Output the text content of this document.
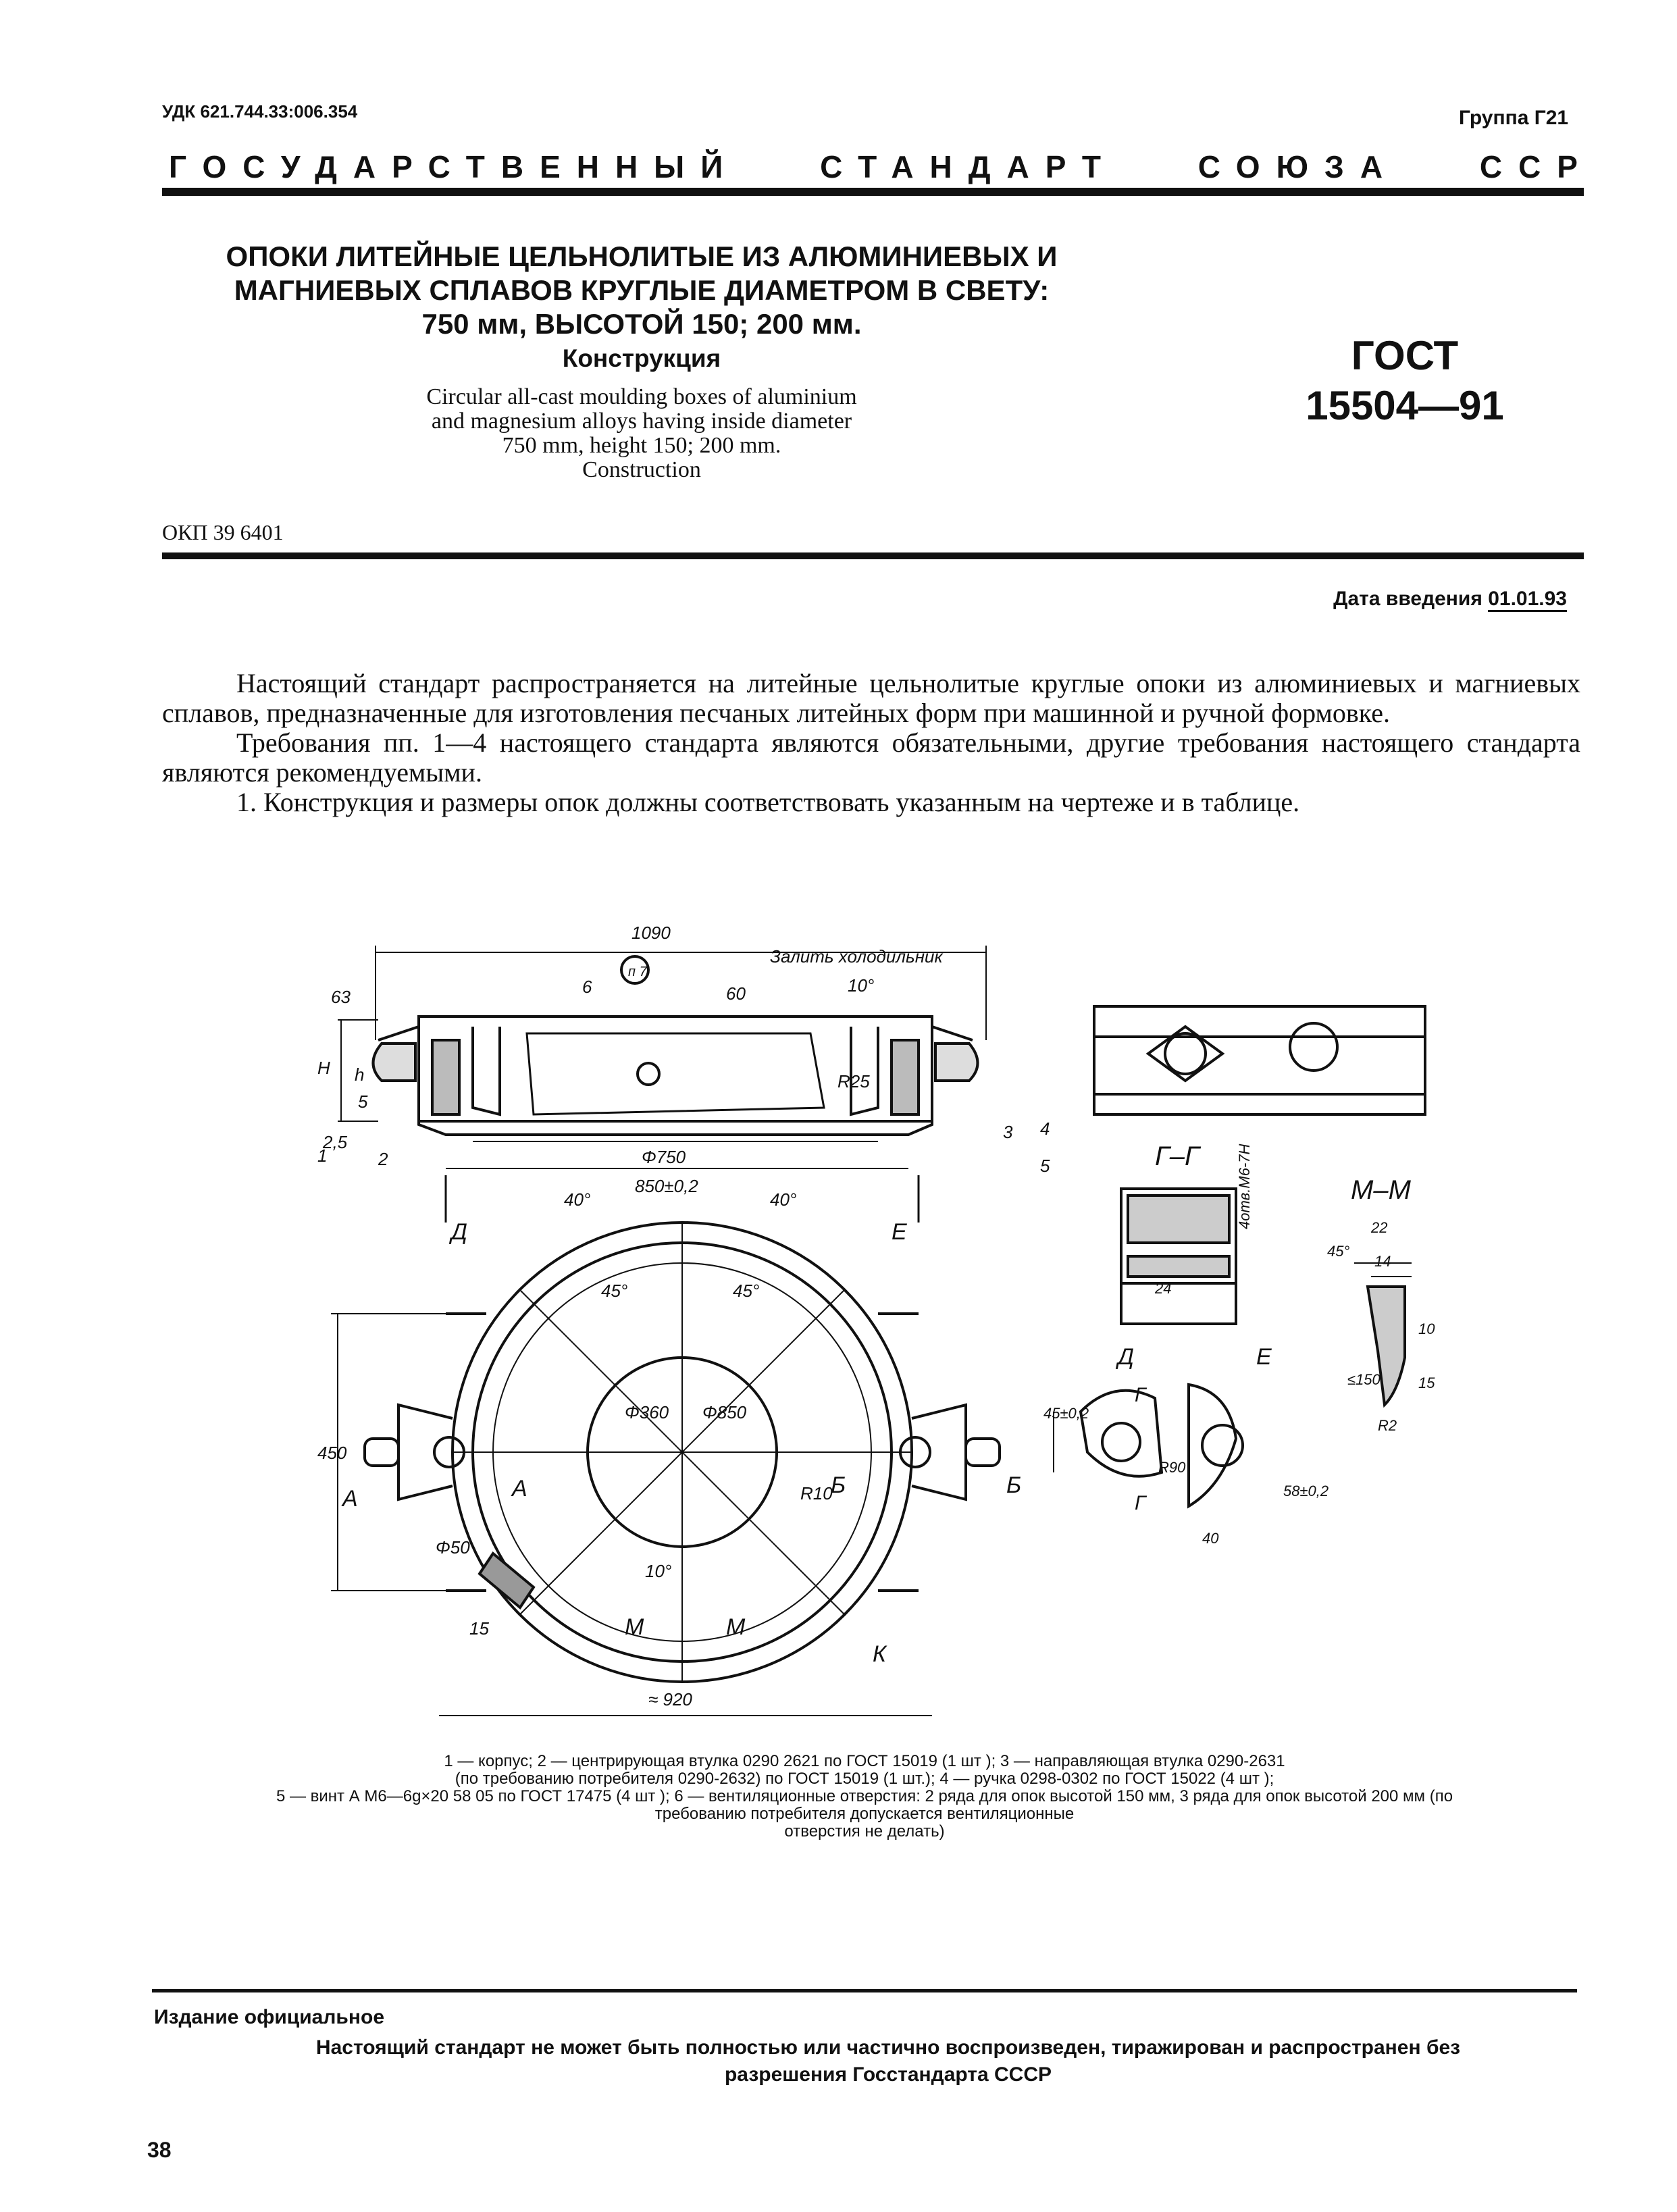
УДК 621.744.33:006.354	Группа Г21
ГОСУДАРСТВЕННЫЙ	СТАНДАРТ	СОЮЗА	ССР
ОПОКИ ЛИТЕЙНЫЕ ЦЕЛЬНОЛИТЫЕ ИЗ АЛЮМИНИЕВЫХ И
МАГНИЕВЫХ СПЛАВОВ КРУГЛЫЕ ДИАМЕТРОМ В СВЕТУ:
750 мм, ВЫСОТОЙ 150; 200 мм.
Конструкция
Circular all-cast moulding boxes of aluminium
and magnesium alloys having inside diameter
750 mm, height 150; 200 mm.
Construction
ГОСТ
15504—91
ОКП 39 6401
Дата введения 01.01.93

Настоящий стандарт распространяется на литейные цельнолитые круглые опоки из алюминиевых и магниевых сплавов, предназначенные для изготовления песчаных литейных форм при машинной и ручной формовке.

Требования пп. 1—4 настоящего стандарта являются обязательными, другие требования настоящего стандарта являются рекомендуемыми.

1. Конструкция и размеры опок должны соответствовать указанным на чертеже и в таблице.

1090
Залить холодильник
Φ750
850±0,2
60	10°
R25
63
5
2,5
H h
Φ360 Φ850
40°	40°
45°	45°
450
R10
Φ50
15
≈ 920
10°
п 7
1	2
3 4
5
6
А	А	Б	Б
Д	Е
М	М
К
Г
Г
Г–Г 4отв.М6-7H
24
М–М
45°
22
14
10
≤150	15
R2
Д	Е
45±0,2
R90
58±0,2
40
1 — корпус; 2 — центрирующая втулка 0290 2621 по ГОСТ 15019 (1 шт ); 3 — направляющая втулка 0290-2631
(по требованию потребителя 0290-2632) по ГОСТ 15019 (1 шт.); 4 — ручка 0298-0302 по ГОСТ 15022 (4 шт );
5 — винт А М6—6g×20 58 05 по ГОСТ 17475 (4 шт ); 6 — вентиляционные отверстия: 2 ряда для опок высотой 150 мм, 3 ряда для опок высотой 200 мм (по требованию потребителя допускается вентиляционные
отверстия не делать)
Издание официальное
Настоящий стандарт не может быть полностью или частично воспроизведен, тиражирован и распространен без
разрешения Госстандарта СССР
38
